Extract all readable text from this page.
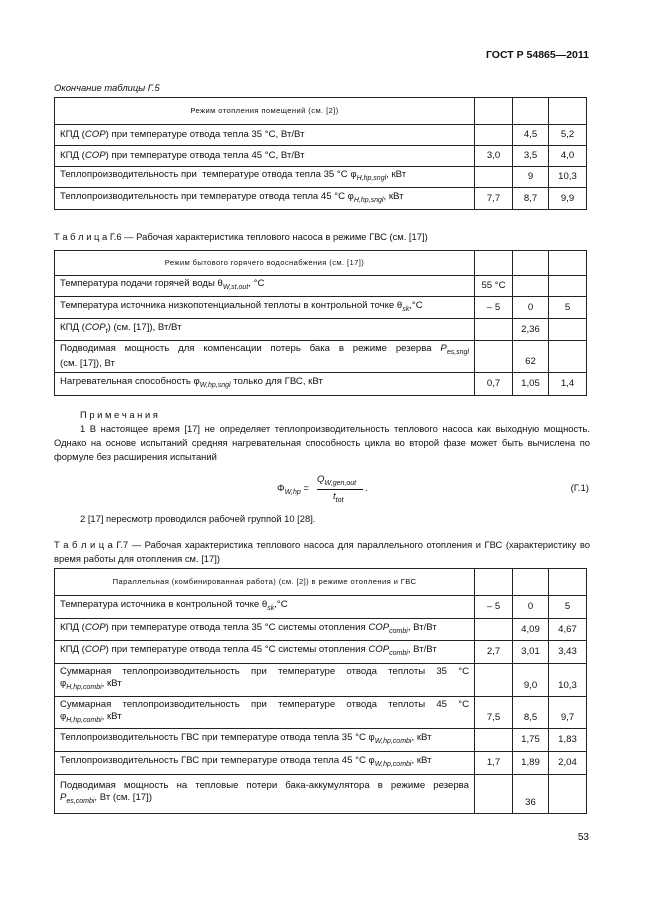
ГОСТ Р 54865—2011
Окончание таблицы Г.5
Режим отопления помещений (см. [2])			
КПД (COP) при температуре отвода тепла 35 °С, Вт/Вт		4,5	5,2
КПД (COP) при температуре отвода тепла 45 °С, Вт/Вт	3,0	3,5	4,0
Теплопроизводительность при  температуре отвода тепла 35 °С $\varphi_{H,hp,sngl}$, кВт		9	10,3
Теплопроизводительность при температуре отвода тепла 45 °С $\varphi_{H,hp,sngl}$, кВт	7,7	8,7	9,9
Т а б л и ц а Г.6 — Рабочая характеристика теплового насоса в режиме ГВС (см. [17])
Режим бытового горячего водоснабжения (см. [17])			
Температура подачи горячей воды $\theta_{W,st,out}$, °С	55 °С		
Температура источника низкопотенциальной теплоты в контрольной точке $\theta_{sk},^\circ С$	– 5	0	5
КПД $(COP_t)$ (см. [17]), Вт/Вт		2,36	

Подводимая мощность для компенсации потерь бака в режиме резерва $P_{es,sngl}$
(см. [17]), Вт		62	
Нагревательная способность $\varphi_{W,hp,sngl}$ только для ГВС, кВт	0,7	1,05	1,4
П р и м е ч а н и я
1 В настоящее время [17] не определяет теплопроизводительность теплового насоса как выходную мощность. Однако на основе испытаний средняя нагревательная способность цикла во второй фазе может быть вычислена по формуле без расширения испытаний
$\Phi_{W,hp}$ =
$Q_{W,gen,out}$
$t_{tot}$
.	(Г.1)
2 [17] пересмотр проводился рабочей группой 10 [28].
Т а б л и ц а Г.7 — Рабочая характеристика теплового насоса для параллельного отопления и ГВС (характеристику во время работы для отопления см. [17])
Параллельная (комбинированная работа) (см. [2]) в режиме отопления и ГВС			
Температура источника в контрольной точке $\theta_{sk},^\circ С$	– 5	0	5
КПД (COP) при температуре отвода тепла 35 °С системы отопления $COP_{combi}$, Вт/Вт		4,09	4,67
КПД (COP) при температуре отвода тепла 45 °С системы отопления $COP_{combi}$, Вт/Вт	2,7	3,01	3,43

Суммарная теплопроизводительность при температуре отвода теплоты 35 °С
$\varphi_{H,hp,combi}$, кВт		9,0	10,3

Суммарная теплопроизводительность при температуре отвода теплоты 45 °С
$\varphi_{H,hp,combi}$, кВт	7,5	8,5	9,7
Теплопроизводительность ГВС при температуре отвода тепла 35 °С $\varphi_{W,hp,combi}$, кВт		1,75	1,83
Теплопроизводительность ГВС при температуре отвода тепла 45 °С $\varphi_{W,hp,combi}$, кВт	1,7	1,89	2,04

Подводимая мощность на тепловые потери бака-аккумулятора в режиме резерва
$P_{es,combi}$, Вт (см. [17])		36	
53
